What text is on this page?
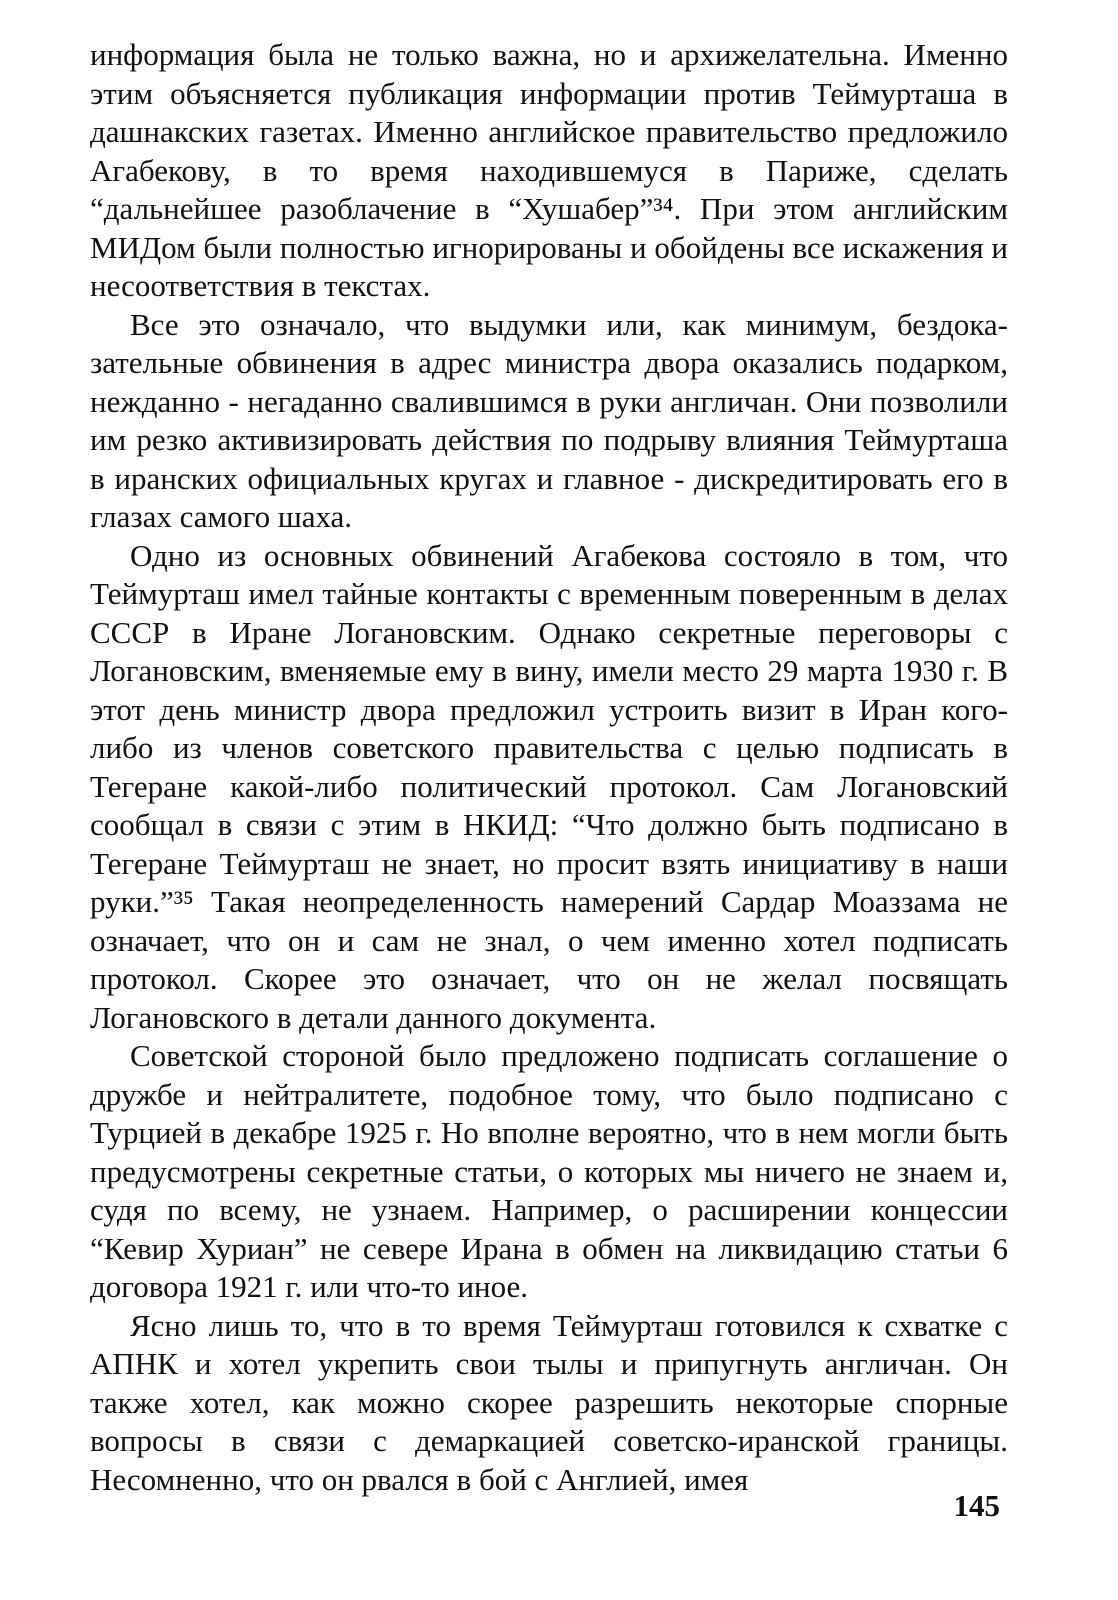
информация была не только важна, но и архижелательна. Именно этим объясняется публикация информации против Теймурташа в дашнакских газетах. Именно английское правительство предложило Агабекову, в то время находившемуся в Париже, сделать “дальнейшее разоблачение в “Хушабер”³⁴. При этом английским МИДом были полностью игнорированы и обойдены все искажения и несоответствия в текстах.

Все это означало, что выдумки или, как минимум, бездоказательные обвинения в адрес министра двора оказались подарком, нежданно - негаданно свалившимся в руки англичан. Они позволили им резко активизировать действия по подрыву влияния Теймурташа в иранских официальных кругах и главное - дискредитировать его в глазах самого шаха.

Одно из основных обвинений Агабекова состояло в том, что Теймурташ имел тайные контакты с временным поверенным в делах СССР в Иране Логановским. Однако секретные переговоры с Логановским, вменяемые ему в вину, имели место 29 марта 1930 г. В этот день министр двора предложил устроить визит в Иран кого-либо из членов советского правительства с целью подписать в Тегеране какой-либо политический протокол. Сам Логановский сообщал в связи с этим в НКИД: “Что должно быть подписано в Тегеране Теймурташ не знает, но просит взять инициативу в наши руки.”³⁵ Такая неопределенность намерений Сардар Моаззама не означает, что он и сам не знал, о чем именно хотел подписать протокол. Скорее это означает, что он не желал посвящать Логановского в детали данного документа.

Советской стороной было предложено подписать соглашение о дружбе и нейтралитете, подобное тому, что было подписано с Турцией в декабре 1925 г. Но вполне вероятно, что в нем могли быть предусмотрены секретные статьи, о которых мы ничего не знаем и, судя по всему, не узнаем. Например, о расширении концессии “Кевир Хуриан” не севере Ирана в обмен на ликвидацию статьи 6 договора 1921 г. или что-то иное.

Ясно лишь то, что в то время Теймурташ готовился к схватке с АПНК и хотел укрепить свои тылы и припугнуть англичан. Он также хотел, как можно скорее разрешить некоторые спорные вопросы в связи с демаркацией советско-иранской границы. Несомненно, что он рвался в бой с Англией, имея

145
